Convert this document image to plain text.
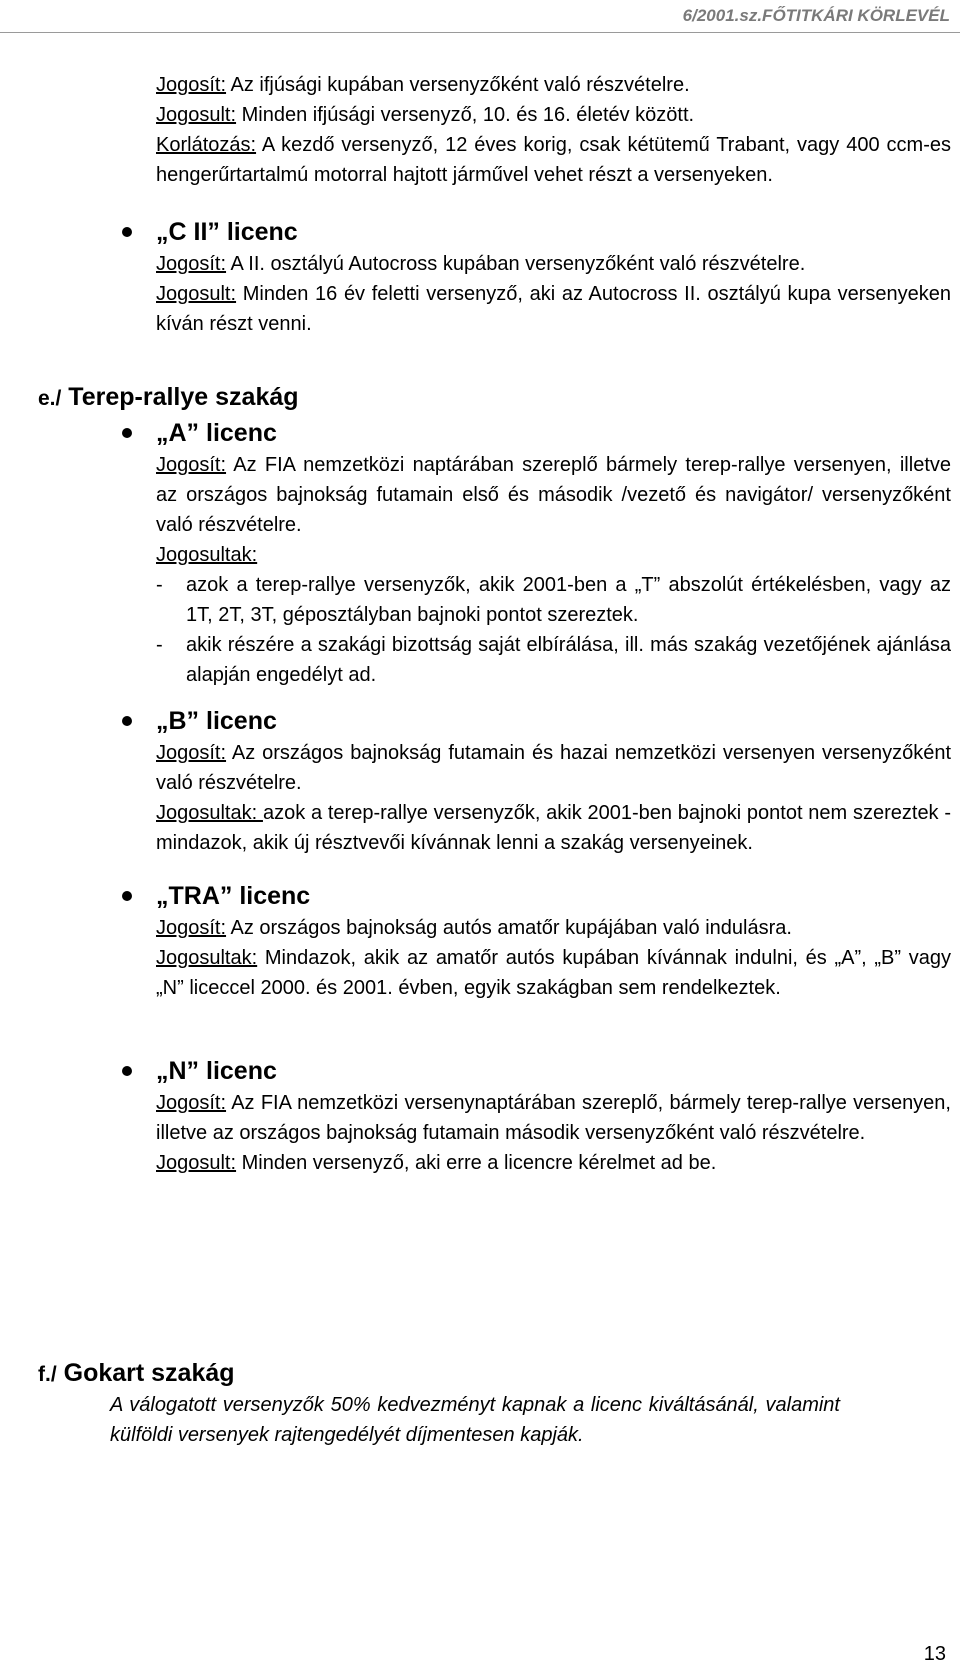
6/2001.sz.FŐTITKÁRI KÖRLEVÉL

Jogosít: Az ifjúsági kupában versenyzőként való részvételre.

Jogosult: Minden ifjúsági versenyző, 10. és 16. életév között.

Korlátozás: A kezdő versenyző, 12 éves korig, csak kétütemű Trabant, vagy 400 ccm-es hengerűrtartalmú motorral hajtott járművel vehet részt a versenyeken.

„C II” licenc

Jogosít: A II. osztályú Autocross kupában versenyzőként való részvételre.

Jogosult: Minden 16 év feletti versenyző, aki az Autocross II. osztályú kupa versenyeken kíván részt venni.

e./ Terep-rallye szakág
„A” licenc

Jogosít: Az FIA nemzetközi naptárában szereplő bármely terep-rallye versenyen, illetve az országos bajnokság futamain első és második /vezető és navigátor/ versenyzőként való részvételre.

Jogosultak:

- azok a terep-rallye versenyzők, akik 2001-ben a „T” abszolút értékelésben, vagy az 1T, 2T, 3T, géposztályban bajnoki pontot szereztek.

- akik részére a szakági bizottság saját elbírálása, ill. más szakág vezetőjének ajánlása alapján engedélyt ad.

„B” licenc

Jogosít: Az országos bajnokság futamain és hazai nemzetközi versenyen versenyzőként való részvételre.

Jogosultak: azok a terep-rallye versenyzők, akik 2001-ben bajnoki pontot nem szereztek - mindazok, akik új résztvevői kívánnak lenni a szakág versenyeinek.

„TRA” licenc

Jogosít: Az országos bajnokság autós amatőr kupájában való indulásra.

Jogosultak: Mindazok, akik az amatőr autós kupában kívánnak indulni, és „A”, „B” vagy „N” liceccel 2000. és 2001. évben, egyik szakágban sem rendelkeztek.

„N” licenc

Jogosít: Az FIA nemzetközi versenynaptárában szereplő, bármely terep-rallye versenyen, illetve az országos bajnokság futamain második versenyzőként való részvételre.

Jogosult: Minden versenyző, aki erre a licencre kérelmet ad be.

f./ Gokart szakág

A válogatott versenyzők 50% kedvezményt kapnak a licenc kiváltásánál, valamint külföldi versenyek rajtengedélyét díjmentesen kapják.

13
